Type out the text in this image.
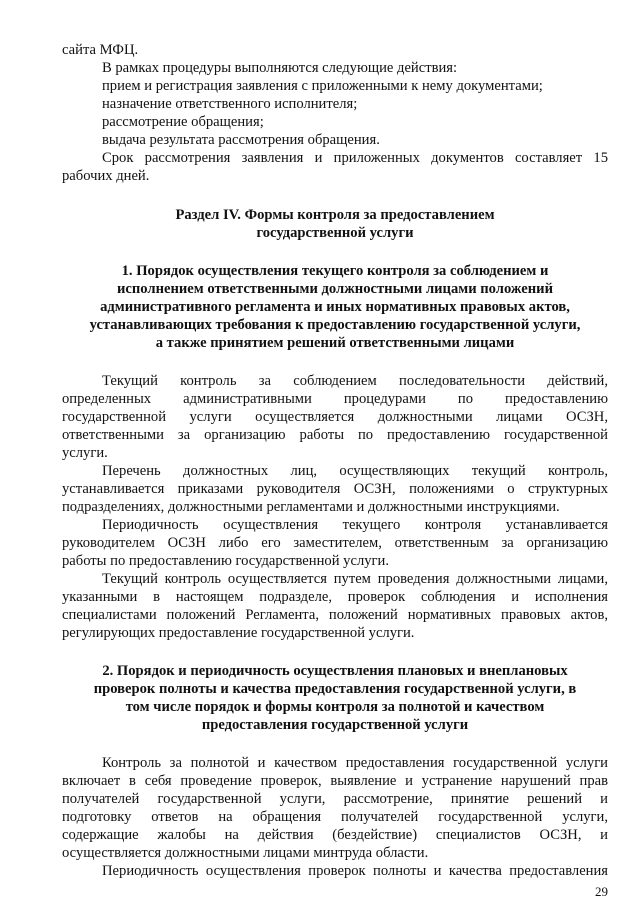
сайта МФЦ.
В рамках процедуры выполняются следующие действия:
прием и регистрация заявления с приложенными к нему документами;
назначение ответственного исполнителя;
рассмотрение обращения;
выдача результата рассмотрения обращения.
Срок рассмотрения заявления и приложенных документов составляет 15
рабочих дней.
Раздел IV. Формы контроля за предоставлением
государственной услуги
1. Порядок осуществления текущего контроля за соблюдением и
исполнением ответственными должностными лицами положений
административного регламента и иных нормативных правовых актов,
устанавливающих требования к предоставлению государственной услуги,
а также принятием решений ответственными лицами
Текущий контроль за соблюдением последовательности действий,
определенных административными процедурами по предоставлению
государственной услуги осуществляется должностными лицами ОСЗН,
ответственными за организацию работы по предоставлению государственной
услуги.
Перечень должностных лиц, осуществляющих текущий контроль,
устанавливается приказами руководителя ОСЗН, положениями о структурных
подразделениях, должностными регламентами и должностными инструкциями.
Периодичность осуществления текущего контроля устанавливается
руководителем ОСЗН либо его заместителем, ответственным за организацию
работы по предоставлению государственной услуги.
Текущий контроль осуществляется путем проведения должностными лицами,
указанными в настоящем подразделе, проверок соблюдения и исполнения
специалистами положений Регламента, положений нормативных правовых актов,
регулирующих предоставление государственной услуги.
2. Порядок и периодичность осуществления плановых и внеплановых
проверок полноты и качества предоставления государственной услуги, в
том числе порядок и формы контроля за полнотой и качеством
предоставления государственной услуги
Контроль за полнотой и качеством предоставления государственной услуги
включает в себя проведение проверок, выявление и устранение нарушений прав
получателей государственной услуги, рассмотрение, принятие решений и
подготовку ответов на обращения получателей государственной услуги,
содержащие жалобы на действия (бездействие) специалистов ОСЗН, и
осуществляется должностными лицами минтруда области.
Периодичность осуществления проверок полноты и качества предоставления
29
